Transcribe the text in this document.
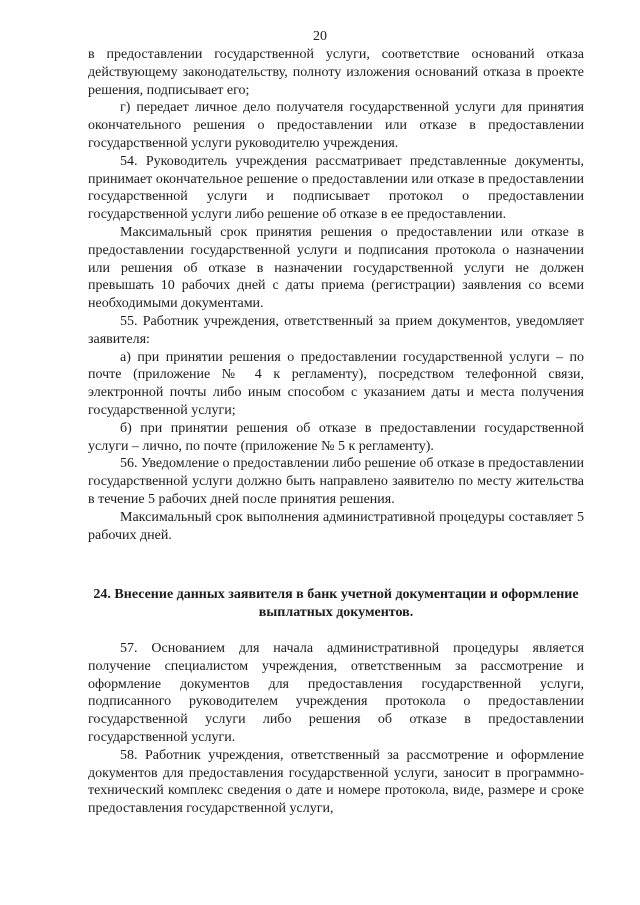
20

в предоставлении государственной услуги, соответствие оснований отказа действующему законодательству, полноту изложения оснований отказа в проекте решения, подписывает его;

г) передает личное дело получателя государственной услуги для принятия окончательного решения о предоставлении или отказе в предоставлении государственной услуги руководителю учреждения.

54. Руководитель учреждения рассматривает представленные документы, принимает окончательное решение о предоставлении или отказе в предоставлении государственной услуги и подписывает протокол о предоставлении государственной услуги либо решение об отказе в ее предоставлении.

Максимальный срок принятия решения о предоставлении или отказе в предоставлении государственной услуги и подписания протокола о назначении или решения об отказе в назначении государственной услуги не должен превышать 10 рабочих дней с даты приема (регистрации) заявления со всеми необходимыми документами.

55. Работник учреждения, ответственный за прием документов, уведомляет заявителя:

а) при принятии решения о предоставлении государственной услуги – по почте (приложение № 4 к регламенту), посредством телефонной связи, электронной почты либо иным способом с указанием даты и места получения государственной услуги;

б) при принятии решения об отказе в предоставлении государственной услуги – лично, по почте (приложение № 5 к регламенту).

56. Уведомление о предоставлении либо решение об отказе в предоставлении государственной услуги должно быть направлено заявителю по месту жительства в течение 5 рабочих дней после принятия решения.

Максимальный срок выполнения административной процедуры составляет 5 рабочих дней.

24. Внесение данных заявителя в банк учетной документации и оформление выплатных документов.

57. Основанием для начала административной процедуры является получение специалистом учреждения, ответственным за рассмотрение и оформление документов для предоставления государственной услуги, подписанного руководителем учреждения протокола о предоставлении государственной услуги либо решения об отказе в предоставлении государственной услуги.

58. Работник учреждения, ответственный за рассмотрение и оформление документов для предоставления государственной услуги, заносит в программно-технический комплекс сведения о дате и номере протокола, виде, размере и сроке предоставления государственной услуги,
